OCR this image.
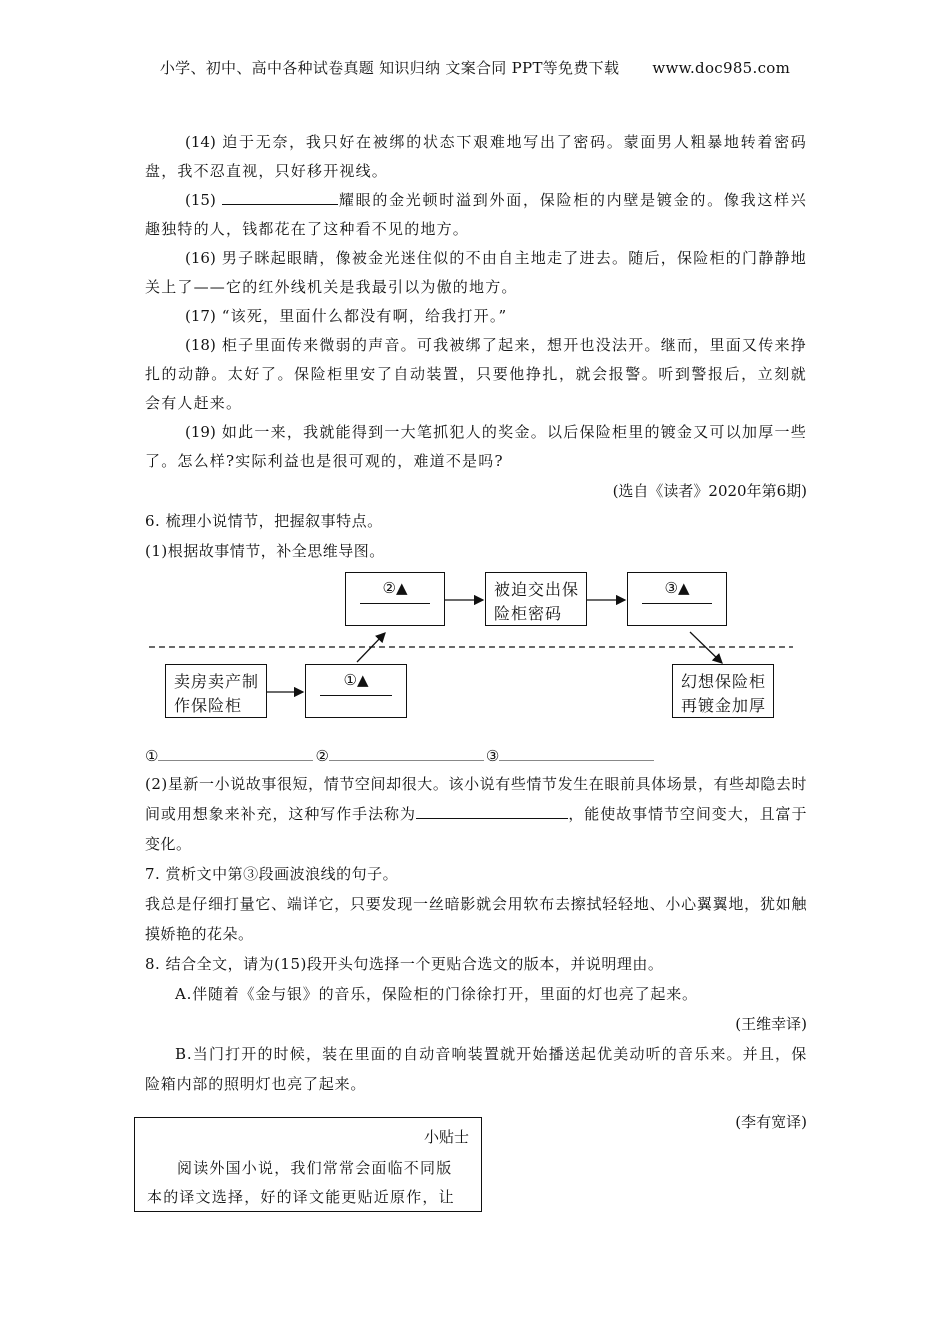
小学、初中、高中各种试卷真题 知识归纳 文案合同 PPT等免费下载 www.doc985.com

(14) 迫于无奈，我只好在被绑的状态下艰难地写出了密码。蒙面男人粗暴地转着密码盘，我不忍直视，只好移开视线。

(15)	耀眼的金光顿时溢到外面，保险柜的内壁是镀金的。像我这样兴趣独特的人，钱都花在了这种看不见的地方。

(16) 男子眯起眼睛，像被金光迷住似的不由自主地走了进去。随后，保险柜的门静静地关上了——它的红外线机关是我最引以为傲的地方。

(17) “该死，里面什么都没有啊，给我打开。”

(18) 柜子里面传来微弱的声音。可我被绑了起来，想开也没法开。继而，里面又传来挣扎的动静。太好了。保险柜里安了自动装置，只要他挣扎，就会报警。听到警报后，立刻就会有人赶来。

(19) 如此一来，我就能得到一大笔抓犯人的奖金。以后保险柜里的镀金又可以加厚一些了。怎么样?实际利益也是很可观的，难道不是吗?

(选自《读者》2020年第6期)

6. 梳理小说情节，把握叙事特点。

(1)根据故事情节，补全思维导图。

②▲	被迫交出保
险柜密码
③▲
卖房卖产制
作保险柜
①▲	幻想保险柜
再镀金加厚

①	②	③

(2)星新一小说故事很短，情节空间却很大。该小说有些情节发生在眼前具体场景，有些却隐去时间或用想象来补充，这种写作手法称为	，能使故事情节空间变大，且富于变化。

7. 赏析文中第③段画波浪线的句子。

我总是仔细打量它、端详它，只要发现一丝暗影就会用软布去擦拭轻轻地、小心翼翼地，犹如触摸娇艳的花朵。

8. 结合全文，请为(15)段开头句选择一个更贴合选文的版本，并说明理由。

A.伴随着《金与银》的音乐，保险柜的门徐徐打开，里面的灯也亮了起来。

(王维幸译)

B.当门打开的时候，装在里面的自动音响装置就开始播送起优美动听的音乐来。并且，保险箱内部的照明灯也亮了起来。

(李有宽译)

小贴士

阅读外国小说，我们常常会面临不同版本的译文选择，好的译文能更贴近原作，让
